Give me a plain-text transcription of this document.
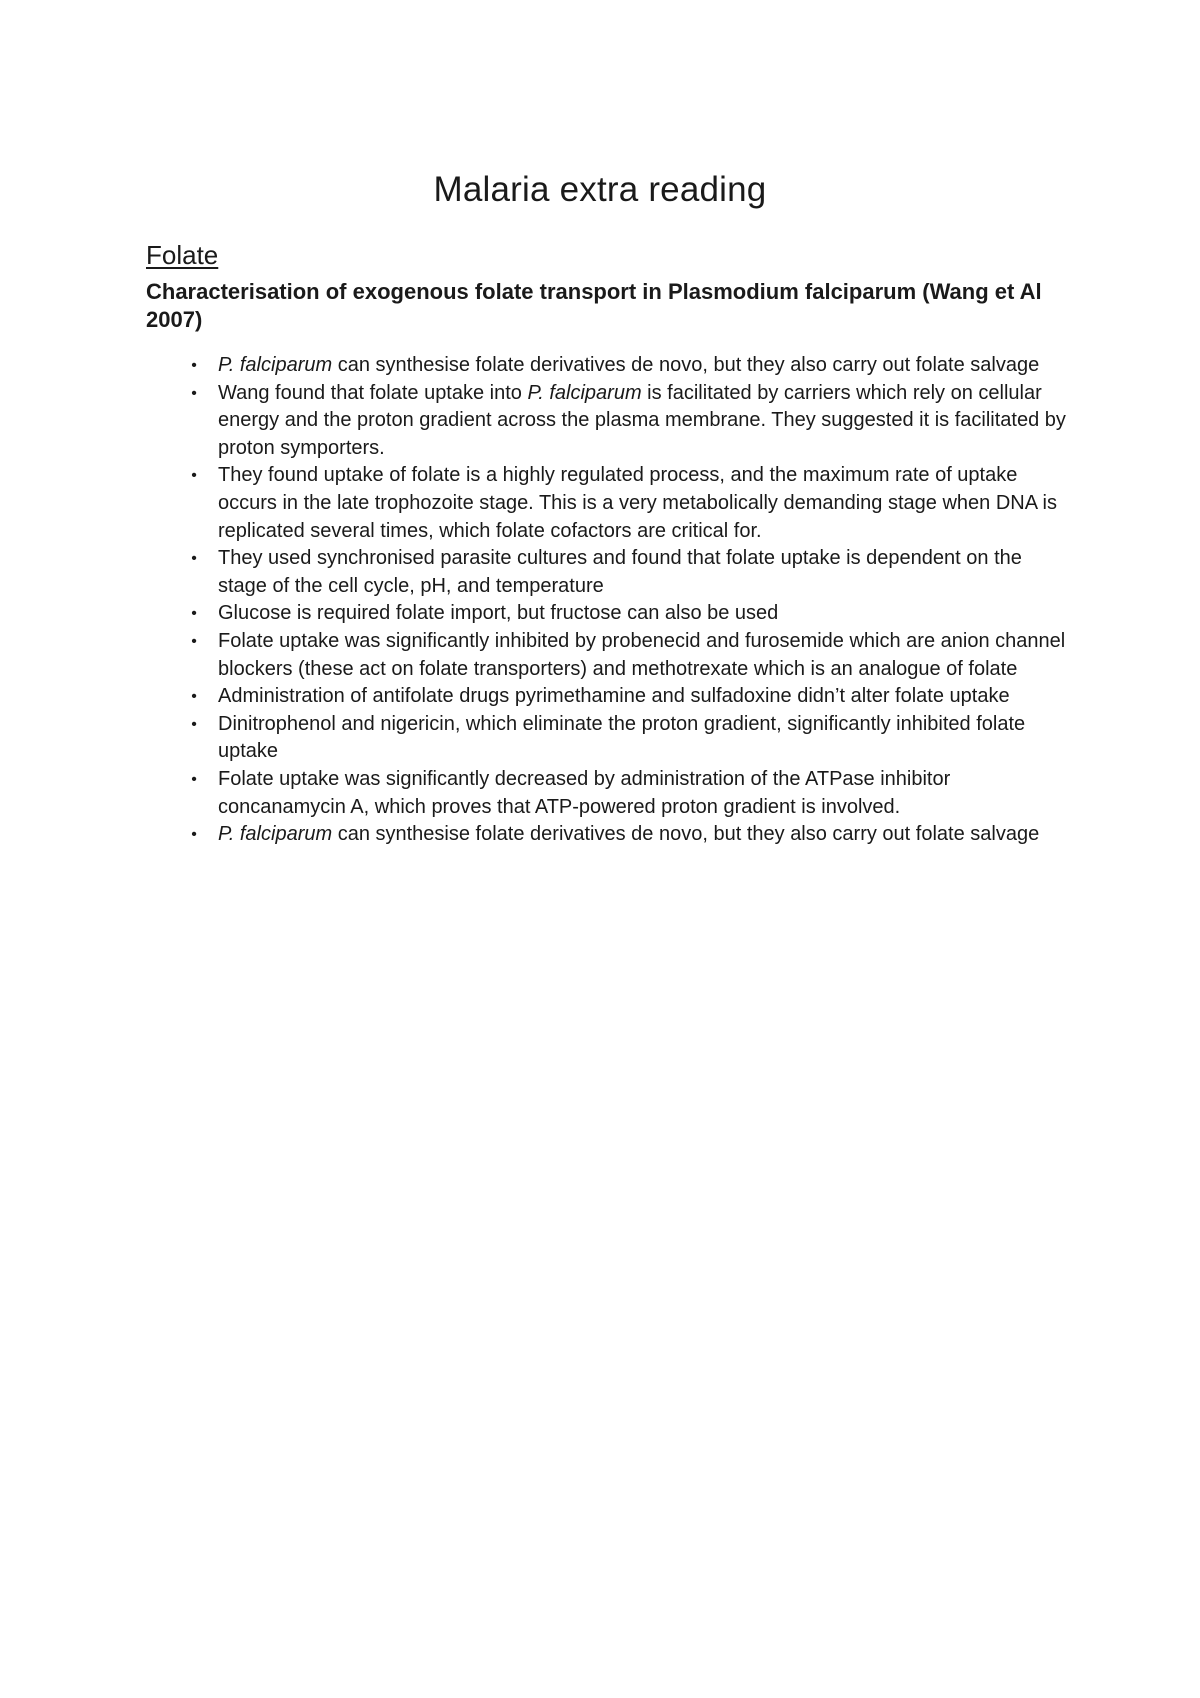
Malaria extra reading
Folate
Characterisation of exogenous folate transport in Plasmodium falciparum (Wang et Al 2007)
•	P. falciparum can synthesise folate derivatives de novo, but they also carry out folate salvage
•	Wang found that folate uptake into P. falciparum is facilitated by carriers which rely on cellular energy and the proton gradient across the plasma membrane. They suggested it is facilitated by proton symporters.
•	They found uptake of folate is a highly regulated process, and the maximum rate of uptake occurs in the late trophozoite stage. This is a very metabolically demanding stage when DNA is replicated several times, which folate cofactors are critical for.
•	They used synchronised parasite cultures and found that folate uptake is dependent on the stage of the cell cycle, pH, and temperature
•	Glucose is required folate import, but fructose can also be used
•	Folate uptake was significantly inhibited by probenecid and furosemide which are anion channel blockers (these act on folate transporters) and methotrexate which is an analogue of folate
•	Administration of antifolate drugs pyrimethamine and sulfadoxine didn’t alter folate uptake
•	Dinitrophenol and nigericin, which eliminate the proton gradient, significantly inhibited folate uptake
•	Folate uptake was significantly decreased by administration of the ATPase inhibitor concanamycin A, which proves that ATP-powered proton gradient is involved.
•	P. falciparum can synthesise folate derivatives de novo, but they also carry out folate salvage
